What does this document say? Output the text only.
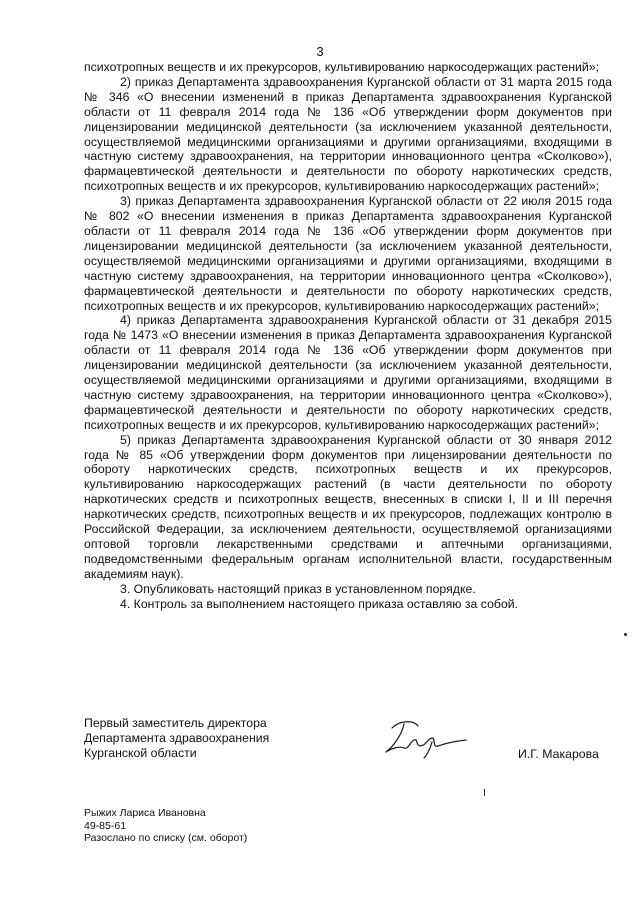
3

психотропных веществ и их прекурсоров, культивированию наркосодержащих растений»;

2) приказ Департамента здравоохранения Курганской области от 31 марта 2015 года № 346 «О внесении изменений в приказ Департамента здравоохранения Курганской области от 11 февраля 2014 года № 136 «Об утверждении форм документов при лицензировании медицинской деятельности (за исключением указанной деятельности, осуществляемой медицинскими организациями и другими организациями, входящими в частную систему здравоохранения, на территории инновационного центра «Сколково»), фармацевтической деятельности и деятельности по обороту наркотических средств, психотропных веществ и их прекурсоров, культивированию наркосодержащих растений»;

3) приказ Департамента здравоохранения Курганской области от 22 июля 2015 года № 802 «О внесении изменения в приказ Департамента здравоохранения Курганской области от 11 февраля 2014 года № 136 «Об утверждении форм документов при лицензировании медицинской деятельности (за исключением указанной деятельности, осуществляемой медицинскими организациями и другими организациями, входящими в частную систему здравоохранения, на территории инновационного центра «Сколково»), фармацевтической деятельности и деятельности по обороту наркотических средств, психотропных веществ и их прекурсоров, культивированию наркосодержащих растений»;

4) приказ Департамента здравоохранения Курганской области от 31 декабря 2015 года № 1473 «О внесении изменения в приказ Департамента здравоохранения Курганской области от 11 февраля 2014 года № 136 «Об утверждении форм документов при лицензировании медицинской деятельности (за исключением указанной деятельности, осуществляемой медицинскими организациями и другими организациями, входящими в частную систему здравоохранения, на территории инновационного центра «Сколково»), фармацевтической деятельности и деятельности по обороту наркотических средств, психотропных веществ и их прекурсоров, культивированию наркосодержащих растений»;

5) приказ Департамента здравоохранения Курганской области от 30 января 2012 года № 85 «Об утверждении форм документов при лицензировании деятельности по обороту наркотических средств, психотропных веществ и их прекурсоров, культивированию наркосодержащих растений (в части деятельности по обороту наркотических средств и психотропных веществ, внесенных в списки I, II и III перечня наркотических средств, психотропных веществ и их прекурсоров, подлежащих контролю в Российской Федерации, за исключением деятельности, осуществляемой организациями оптовой торговли лекарственными средствами и аптечными организациями, подведомственными федеральным органам исполнительной власти, государственным академиям наук).

3. Опубликовать настоящий приказ в установленном порядке.

4. Контроль за выполнением настоящего приказа оставляю за собой.

Первый заместитель директора
Департамента здравоохранения
Курганской области	И.Г. Макарова
Рыжих Лариса Ивановна
49-85-61
Разослано по списку (см. оборот)
